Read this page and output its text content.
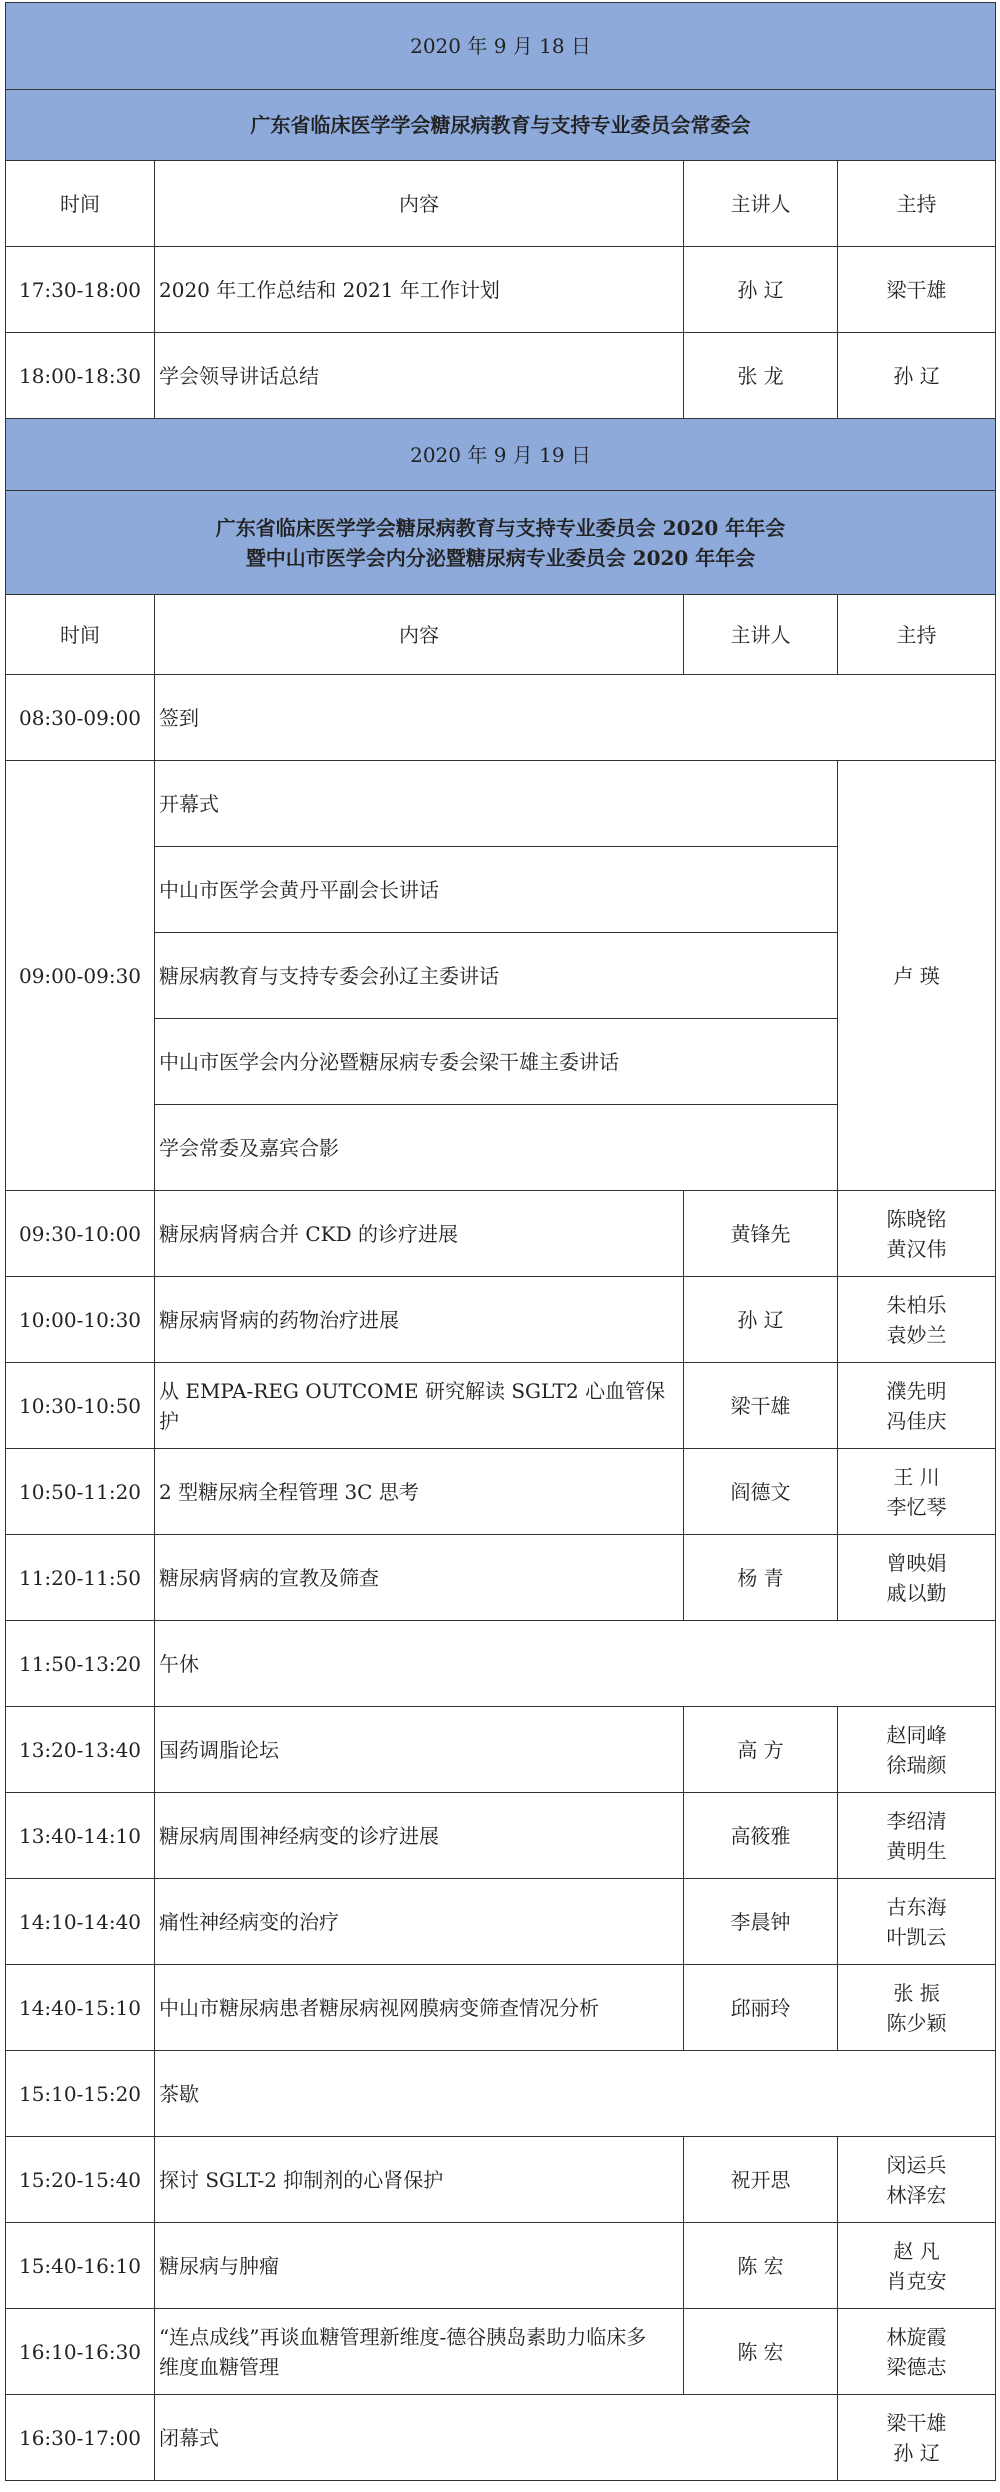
2020 年 9 月 18 日			
广东省临床医学学会糖尿病教育与支持专业委员会常委会			
时间	内容	主讲人	主持
17:30-18:00	2020 年工作总结和 2021 年工作计划	孙 辽	梁干雄
18:00-18:30	学会领导讲话总结	张 龙	孙 辽
2020 年 9 月 19 日			

广东省临床医学学会糖尿病教育与支持专业委员会 2020 年年会
暨中山市医学会内分泌暨糖尿病专业委员会 2020 年年会			

时间	内容	主讲人	主持
08:30-09:00	签到		
09:00-09:30	开幕式		卢 瑛
	中山市医学会黄丹平副会长讲话		
	糖尿病教育与支持专委会孙辽主委讲话		
	中山市医学会内分泌暨糖尿病专委会梁干雄主委讲话		
	学会常委及嘉宾合影		
09:30-10:00	糖尿病肾病合并 CKD 的诊疗进展	黄锋先	陈晓铭
黄汉伟

10:00-10:30	糖尿病肾病的药物治疗进展	孙 辽	朱柏乐
袁妙兰

10:30-10:50	从 EMPA-REG OUTCOME 研究解读 SGLT2 心血管保护	梁干雄	濮先明
冯佳庆

10:50-11:20	2 型糖尿病全程管理 3C 思考	阎德文	王 川
李忆琴

11:20-11:50	糖尿病肾病的宣教及筛查	杨 青	曾映娟
戚以勤

11:50-13:20	午休		
13:20-13:40	国药调脂论坛	高 方	赵同峰
徐瑞颜

13:40-14:10	糖尿病周围神经病变的诊疗进展	高筱雅	李绍清
黄明生

14:10-14:40	痛性神经病变的治疗	李晨钟	古东海
叶凯云

14:40-15:10	中山市糖尿病患者糖尿病视网膜病变筛查情况分析	邱丽玲	张 振
陈少颖

15:10-15:20	茶歇		
15:20-15:40	探讨 SGLT-2 抑制剂的心肾保护	祝开思	闵运兵
林泽宏

15:40-16:10	糖尿病与肿瘤	陈 宏	赵 凡
肖克安

16:10-16:30	“连点成线”再谈血糖管理新维度-德谷胰岛素助力临床多
维度血糖管理	陈 宏	林旋霞
梁德志

16:30-17:00	闭幕式		梁干雄
孙 辽
